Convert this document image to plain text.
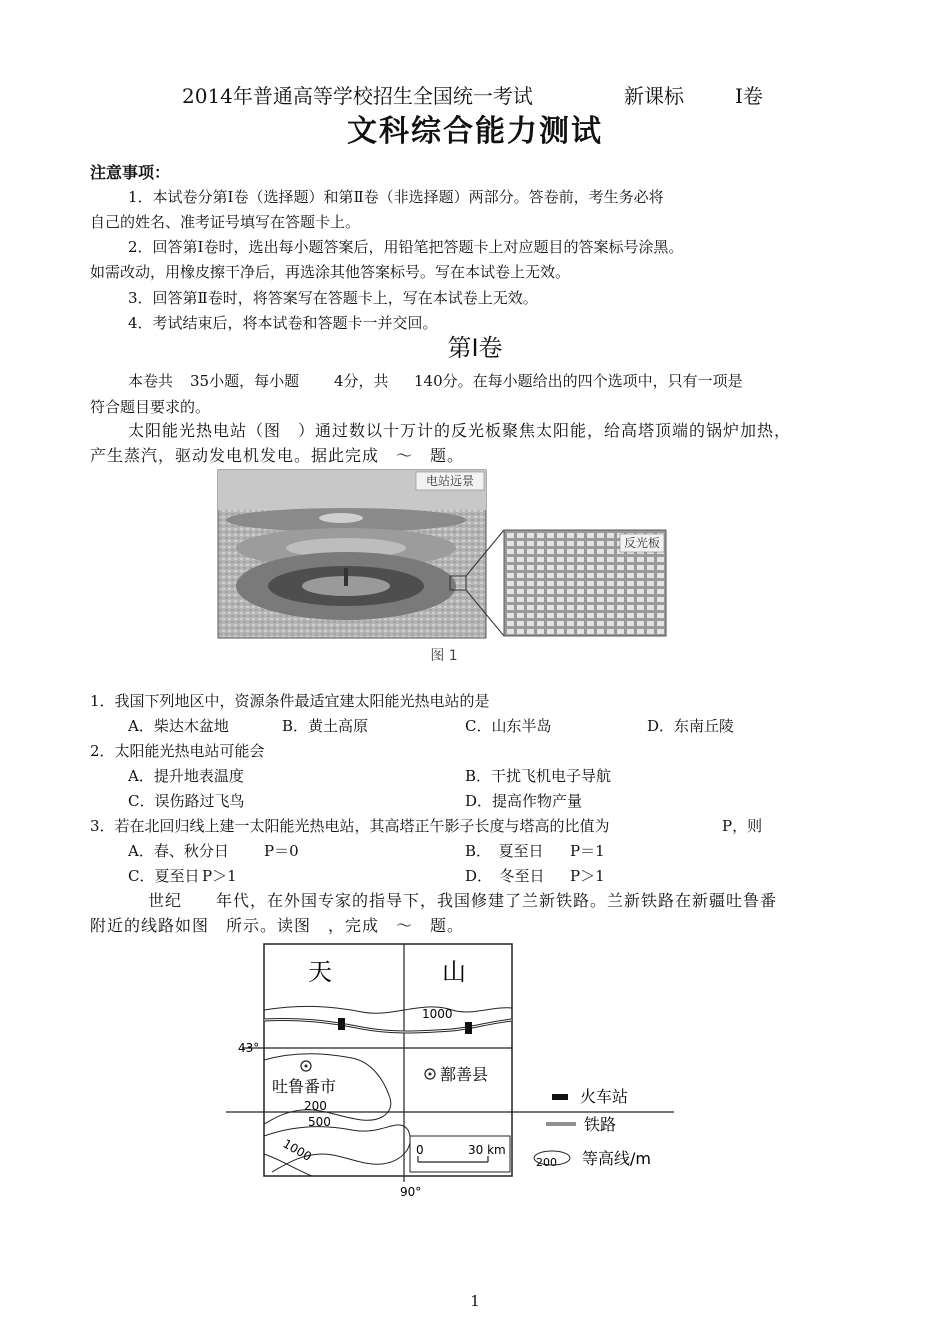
2014年普通高等学校招生全国统一考试	新课标	I卷
文科综合能力测试
注意事项：
1．本试卷分第Ⅰ卷（选择题）和第Ⅱ卷（非选择题）两部分。答卷前，考生务必将
自己的姓名、准考证号填写在答题卡上。
2．回答第Ⅰ卷时，选出每小题答案后，用铅笔把答题卡上对应题目的答案标号涂黑。
如需改动，用橡皮擦干净后，再选涂其他答案标号。写在本试卷上无效。
3．回答第Ⅱ卷时，将答案写在答题卡上，写在本试卷上无效。
4．考试结束后，将本试卷和答题卡一并交回。
第Ⅰ卷
本卷共 35小题，每小题 4分，共 140分。在每小题给出的四个选项中，只有一项是
符合题目要求的。
太阳能光热电站（图　）通过数以十万计的反光板聚焦太阳能，给高塔顶端的锅炉加热，
产生蒸汽，驱动发电机发电。据此完成　～　题。
电站远景
反光板
图 1
1．我国下列地区中，资源条件最适宜建太阳能光热电站的是
A．柴达木盆地	B．黄土高原	C．山东半岛	D．东南丘陵
2．太阳能光热电站可能会
A．提升地表温度	B．干扰飞机电子导航
C．误伤路过飞鸟	D．提高作物产量
3．若在北回归线上建一太阳能光热电站，其高塔正午影子长度与塔高的比值为	P，则
A．春、秋分日 P＝0	B．　夏至日 P＝1
C．夏至日 P＞1	D．　冬至日 P＞1
世纪　　年代，在外国专家的指导下，我国修建了兰新铁路。兰新铁路在新疆吐鲁番
附近的线路如图　所示。读图　，完成　～　题。
天	山
1000
43°
吐鲁番市
鄯善县
200
500
1000	0	30 km
90°
火车站
铁路
200 等高线/m
1
